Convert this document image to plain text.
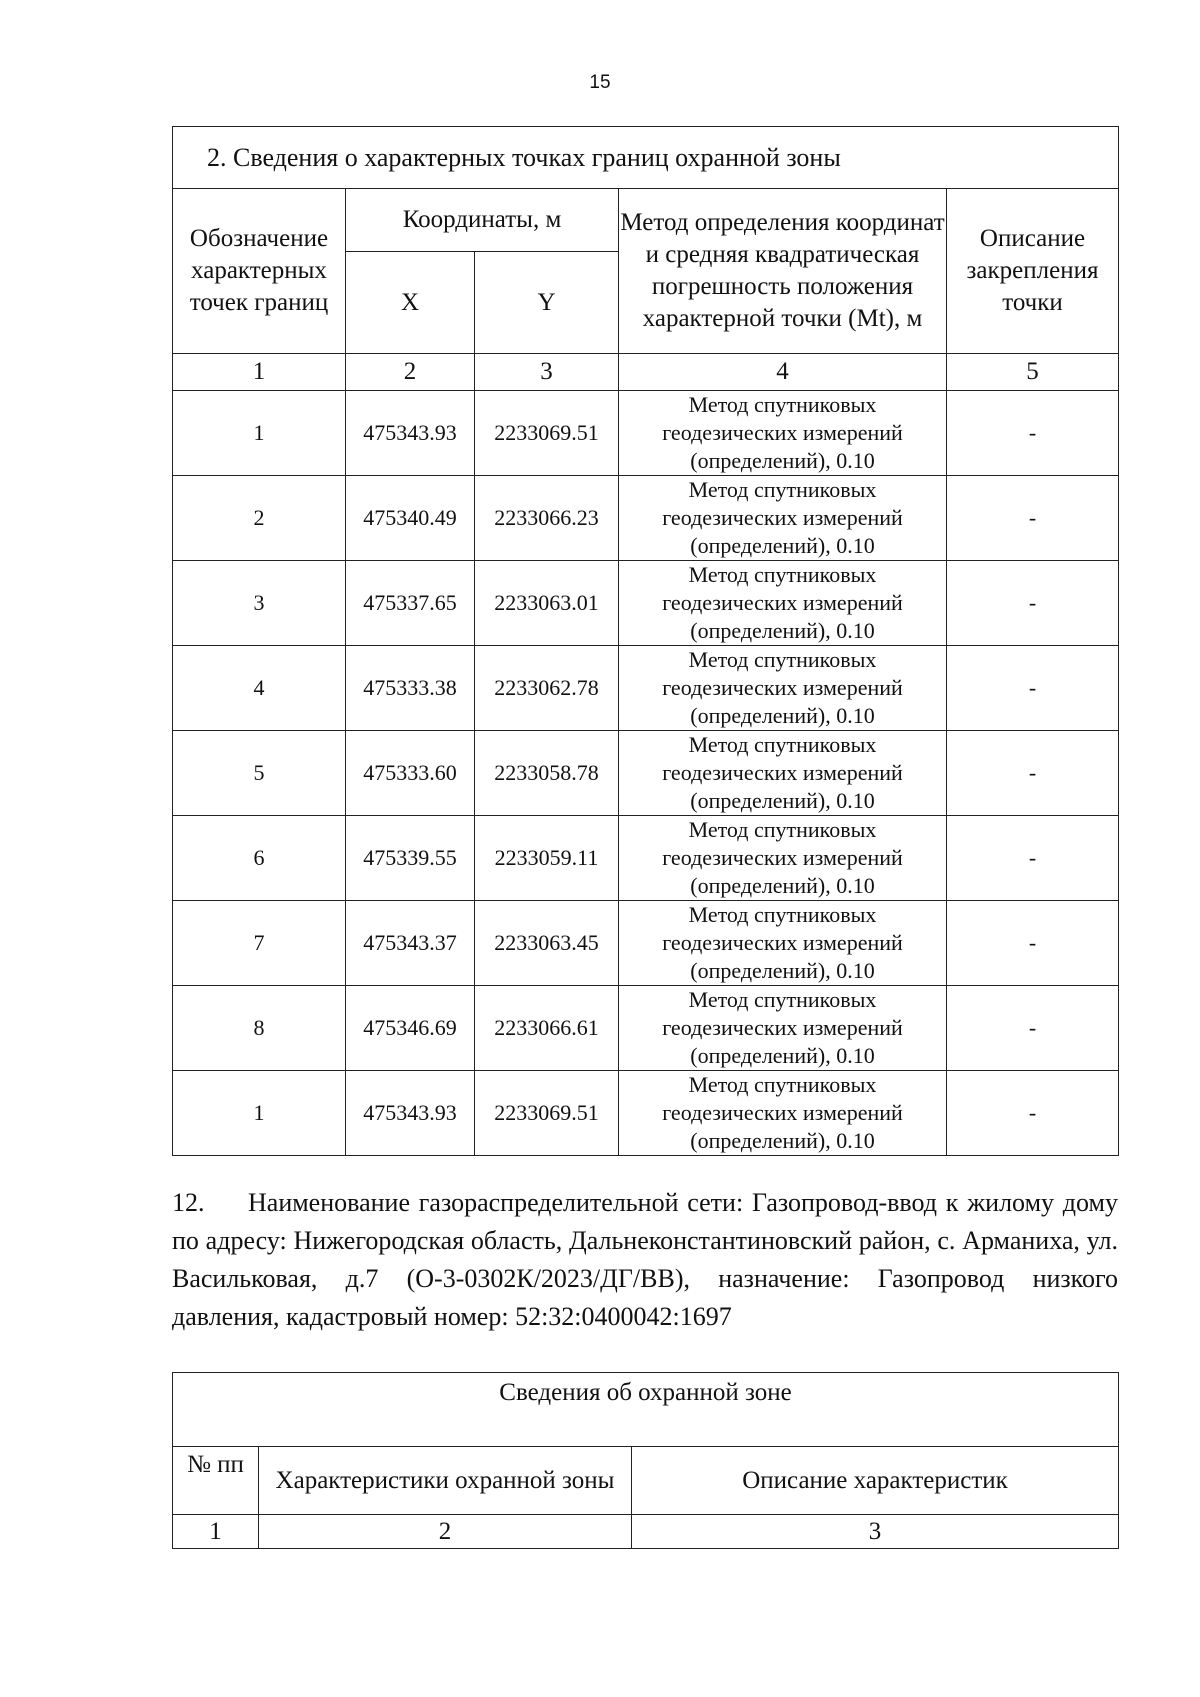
15
2. Сведения о характерных точках границ охранной зоны				
Обозначение характерных точек границ	Координаты, м		Метод определения координат и средняя квадратическая погрешность положения характерной точки (Mt), м	Описание закрепления точки
	X	Y		
1	2	3	4	5
1	475343.93	2233069.51	Метод спутниковых геодезических измерений (определений), 0.10	-
2	475340.49	2233066.23	Метод спутниковых геодезических измерений (определений), 0.10	-
3	475337.65	2233063.01	Метод спутниковых геодезических измерений (определений), 0.10	-
4	475333.38	2233062.78	Метод спутниковых геодезических измерений (определений), 0.10	-
5	475333.60	2233058.78	Метод спутниковых геодезических измерений (определений), 0.10	-
6	475339.55	2233059.11	Метод спутниковых геодезических измерений (определений), 0.10	-
7	475343.37	2233063.45	Метод спутниковых геодезических измерений (определений), 0.10	-
8	475346.69	2233066.61	Метод спутниковых геодезических измерений (определений), 0.10	-
1	475343.93	2233069.51	Метод спутниковых геодезических измерений (определений), 0.10	-
12. Наименование газораспределительной сети: Газопровод-ввод к жилому дому по адресу: Нижегородская область, Дальнеконстантиновский район, с. Арманиха, ул. Васильковая, д.7 (О-3-0302К/2023/ДГ/ВВ), назначение: Газопровод низкого давления, кадастровый номер: 52:32:0400042:1697
Сведения об охранной зоне		
№ пп	Характеристики охранной зоны	Описание характеристик
1	2	3
